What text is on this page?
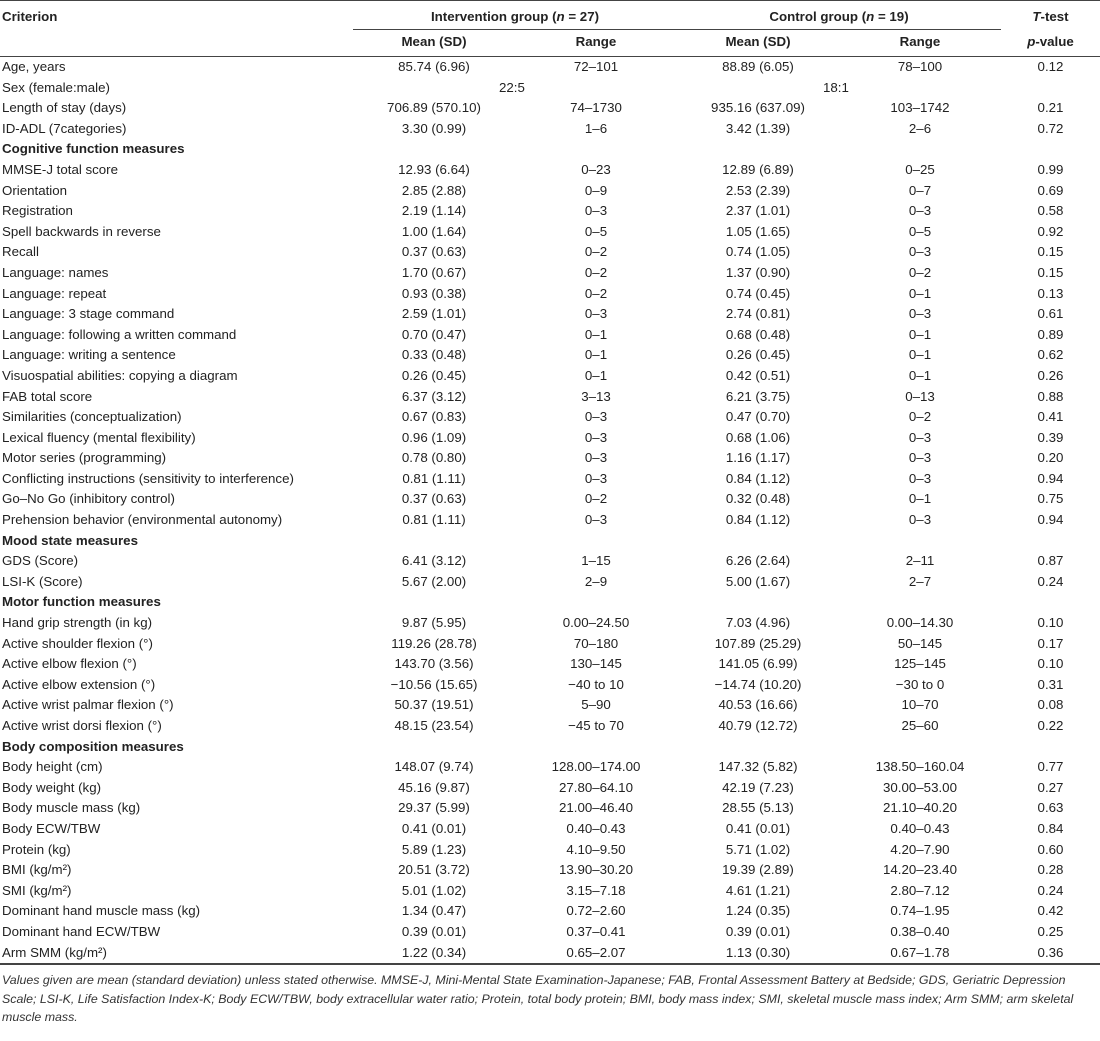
Criterion	Intervention group (n = 27)		Control group (n = 19)		T-test
	Mean (SD)	Range	Mean (SD)	Range	p-value
Age, years	85.74 (6.96)	72–101	88.89 (6.05)	78–100	0.12
Sex (female:male)	22:5		18:1		
Length of stay (days)	706.89 (570.10)	74–1730	935.16 (637.09)	103–1742	0.21
ID-ADL (7categories)	3.30 (0.99)	1–6	3.42 (1.39)	2–6	0.72
Cognitive function measures					
MMSE-J total score	12.93 (6.64)	0–23	12.89 (6.89)	0–25	0.99
Orientation	2.85 (2.88)	0–9	2.53 (2.39)	0–7	0.69
Registration	2.19 (1.14)	0–3	2.37 (1.01)	0–3	0.58
Spell backwards in reverse	1.00 (1.64)	0–5	1.05 (1.65)	0–5	0.92
Recall	0.37 (0.63)	0–2	0.74 (1.05)	0–3	0.15
Language: names	1.70 (0.67)	0–2	1.37 (0.90)	0–2	0.15
Language: repeat	0.93 (0.38)	0–2	0.74 (0.45)	0–1	0.13
Language: 3 stage command	2.59 (1.01)	0–3	2.74 (0.81)	0–3	0.61
Language: following a written command	0.70 (0.47)	0–1	0.68 (0.48)	0–1	0.89
Language: writing a sentence	0.33 (0.48)	0–1	0.26 (0.45)	0–1	0.62
Visuospatial abilities: copying a diagram	0.26 (0.45)	0–1	0.42 (0.51)	0–1	0.26
FAB total score	6.37 (3.12)	3–13	6.21 (3.75)	0–13	0.88
Similarities (conceptualization)	0.67 (0.83)	0–3	0.47 (0.70)	0–2	0.41
Lexical fluency (mental flexibility)	0.96 (1.09)	0–3	0.68 (1.06)	0–3	0.39
Motor series (programming)	0.78 (0.80)	0–3	1.16 (1.17)	0–3	0.20
Conflicting instructions (sensitivity to interference)	0.81 (1.11)	0–3	0.84 (1.12)	0–3	0.94
Go–No Go (inhibitory control)	0.37 (0.63)	0–2	0.32 (0.48)	0–1	0.75
Prehension behavior (environmental autonomy)	0.81 (1.11)	0–3	0.84 (1.12)	0–3	0.94
Mood state measures					
GDS (Score)	6.41 (3.12)	1–15	6.26 (2.64)	2–11	0.87
LSI-K (Score)	5.67 (2.00)	2–9	5.00 (1.67)	2–7	0.24
Motor function measures					
Hand grip strength (in kg)	9.87 (5.95)	0.00–24.50	7.03 (4.96)	0.00–14.30	0.10
Active shoulder flexion (°)	119.26 (28.78)	70–180	107.89 (25.29)	50–145	0.17
Active elbow flexion (°)	143.70 (3.56)	130–145	141.05 (6.99)	125–145	0.10
Active elbow extension (°)	−10.56 (15.65)	−40 to 10	−14.74 (10.20)	−30 to 0	0.31
Active wrist palmar flexion (°)	50.37 (19.51)	5–90	40.53 (16.66)	10–70	0.08
Active wrist dorsi flexion (°)	48.15 (23.54)	−45 to 70	40.79 (12.72)	25–60	0.22
Body composition measures					
Body height (cm)	148.07 (9.74)	128.00–174.00	147.32 (5.82)	138.50–160.04	0.77
Body weight (kg)	45.16 (9.87)	27.80–64.10	42.19 (7.23)	30.00–53.00	0.27
Body muscle mass (kg)	29.37 (5.99)	21.00–46.40	28.55 (5.13)	21.10–40.20	0.63
Body ECW/TBW	0.41 (0.01)	0.40–0.43	0.41 (0.01)	0.40–0.43	0.84
Protein (kg)	5.89 (1.23)	4.10–9.50	5.71 (1.02)	4.20–7.90	0.60
BMI (kg/m²)	20.51 (3.72)	13.90–30.20	19.39 (2.89)	14.20–23.40	0.28
SMI (kg/m²)	5.01 (1.02)	3.15–7.18	4.61 (1.21)	2.80–7.12	0.24
Dominant hand muscle mass (kg)	1.34 (0.47)	0.72–2.60	1.24 (0.35)	0.74–1.95	0.42
Dominant hand ECW/TBW	0.39 (0.01)	0.37–0.41	0.39 (0.01)	0.38–0.40	0.25
Arm SMM (kg/m²)	1.22 (0.34)	0.65–2.07	1.13 (0.30)	0.67–1.78	0.36
Values given are mean (standard deviation) unless stated otherwise. MMSE-J, Mini-Mental State Examination-Japanese; FAB, Frontal Assessment Battery at Bedside; GDS, Geriatric Depression Scale; LSI-K, Life Satisfaction Index-K; Body ECW/TBW, body extracellular water ratio; Protein, total body protein; BMI, body mass index; SMI, skeletal muscle mass index; Arm SMM; arm skeletal muscle mass.
